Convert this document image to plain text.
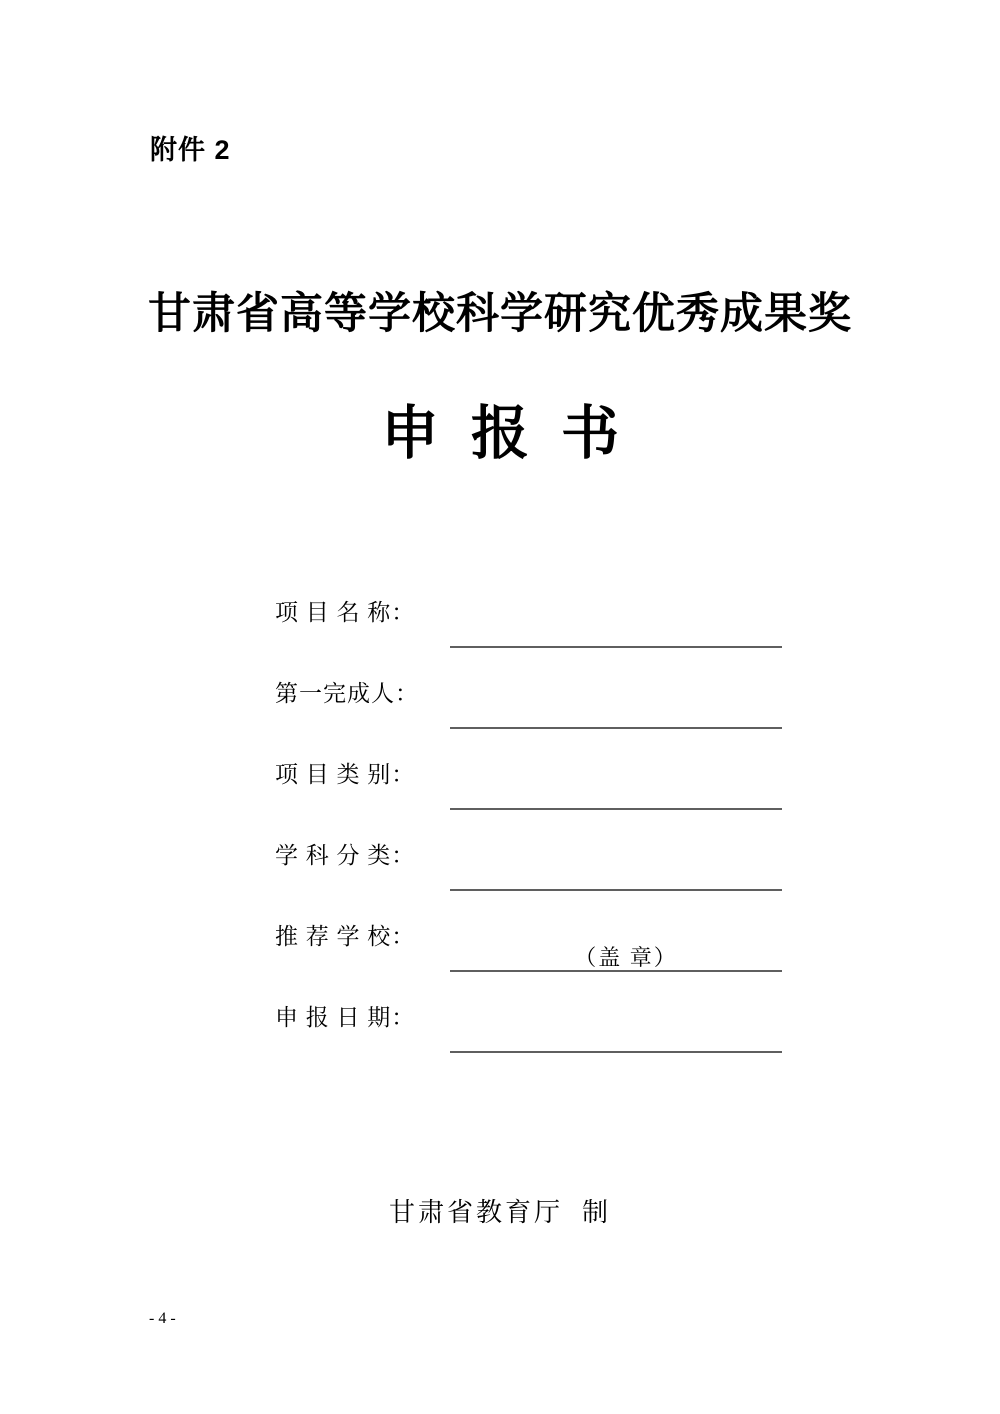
附件 2
甘肃省高等学校科学研究优秀成果奖
申报书
项 目 名 称：
第一完成人：
项 目 类 别：
学 科 分 类：
推 荐 学 校：
（盖 章）
申 报 日 期：
甘肃省教育厅  制
- 4 -
